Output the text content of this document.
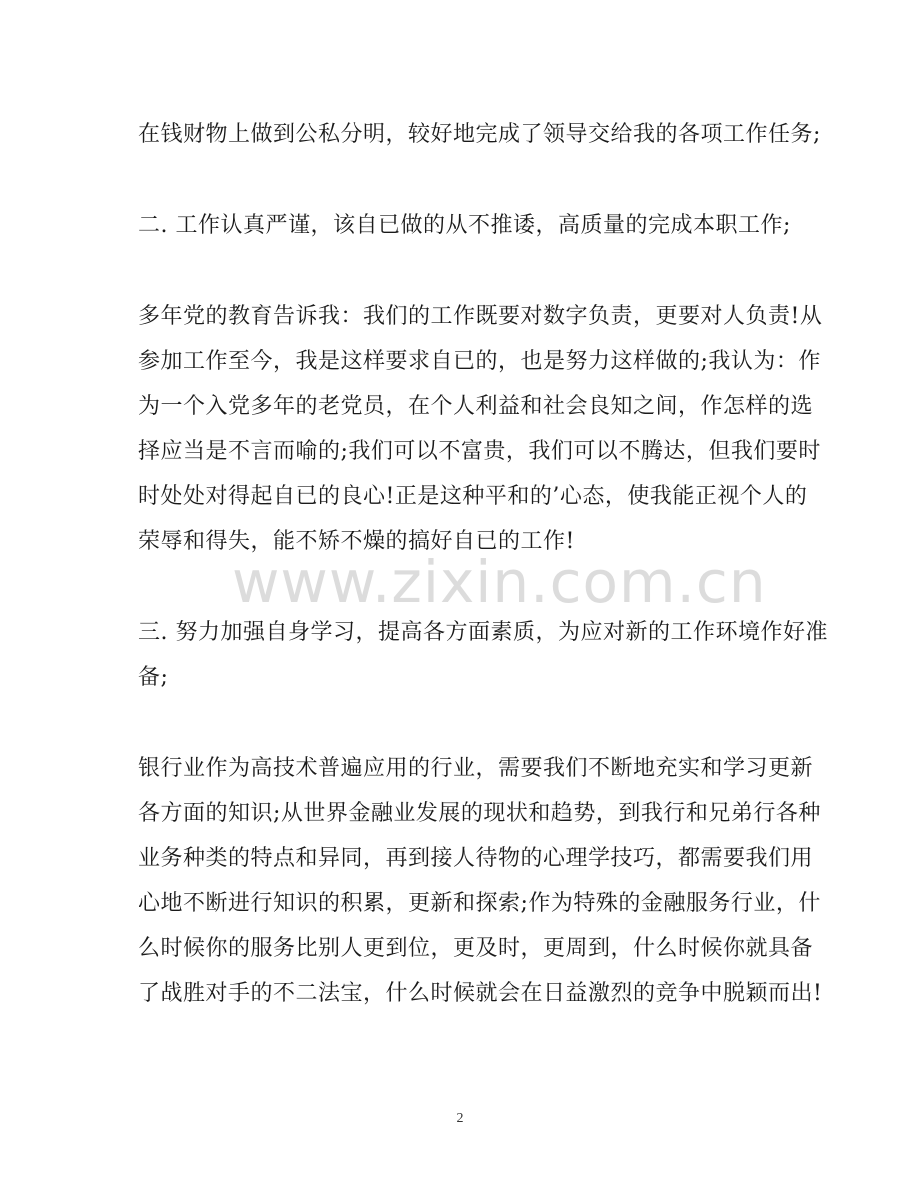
在钱财物上做到公私分明，较好地完成了领导交给我的各项工作任务;

二. 工作认真严谨，该自已做的从不推诿，高质量的完成本职工作;

多年党的教育告诉我：我们的工作既要对数字负责，更要对人负责!从
参加工作至今，我是这样要求自已的，也是努力这样做的;我认为：作
为一个入党多年的老党员，在个人利益和社会良知之间，作怎样的选
择应当是不言而喻的;我们可以不富贵，我们可以不腾达，但我们要时
时处处对得起自已的良心!正是这种平和的’心态，使我能正视个人的
荣辱和得失，能不矫不燥的搞好自已的工作!

三. 努力加强自身学习，提高各方面素质，为应对新的工作环境作好准
备;

银行业作为高技术普遍应用的行业，需要我们不断地充实和学习更新
各方面的知识;从世界金融业发展的现状和趋势，到我行和兄弟行各种
业务种类的特点和异同，再到接人待物的心理学技巧，都需要我们用
心地不断进行知识的积累，更新和探索;作为特殊的金融服务行业，什
么时候你的服务比别人更到位，更及时，更周到，什么时候你就具备
了战胜对手的不二法宝，什么时候就会在日益激烈的竞争中脱颖而出!

www.zixin.com.cn
2
